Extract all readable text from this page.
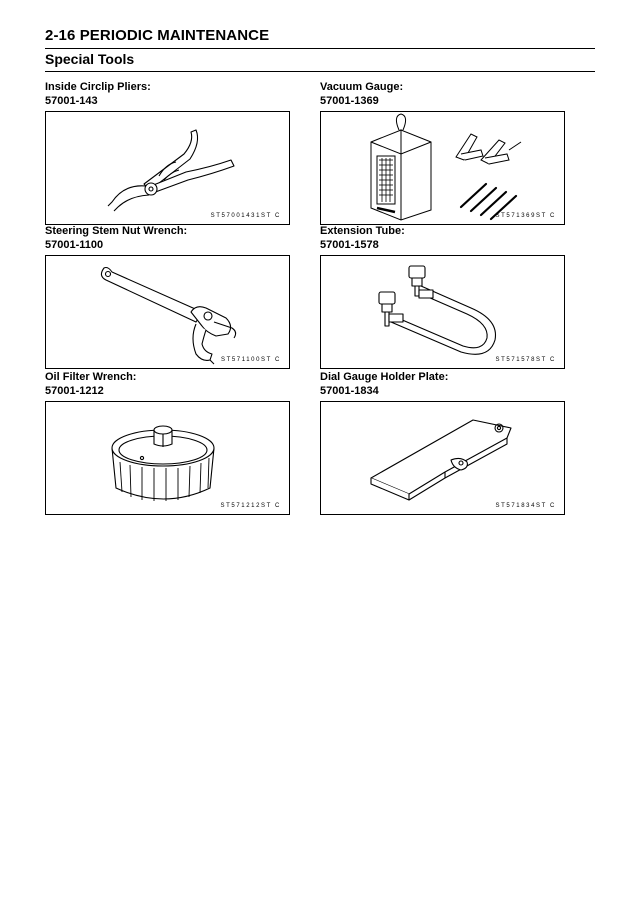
2-16 PERIODIC MAINTENANCE
Special Tools
Inside Circlip Pliers:
57001-143
ST57001431ST C
Vacuum Gauge:
57001-1369
ST571369ST C
Steering Stem Nut Wrench:
57001-1100
ST571100ST C
Extension Tube:
57001-1578
ST571578ST C
Oil Filter Wrench:
57001-1212
ST571212ST C
Dial Gauge Holder Plate:
57001-1834
ST571834ST C
